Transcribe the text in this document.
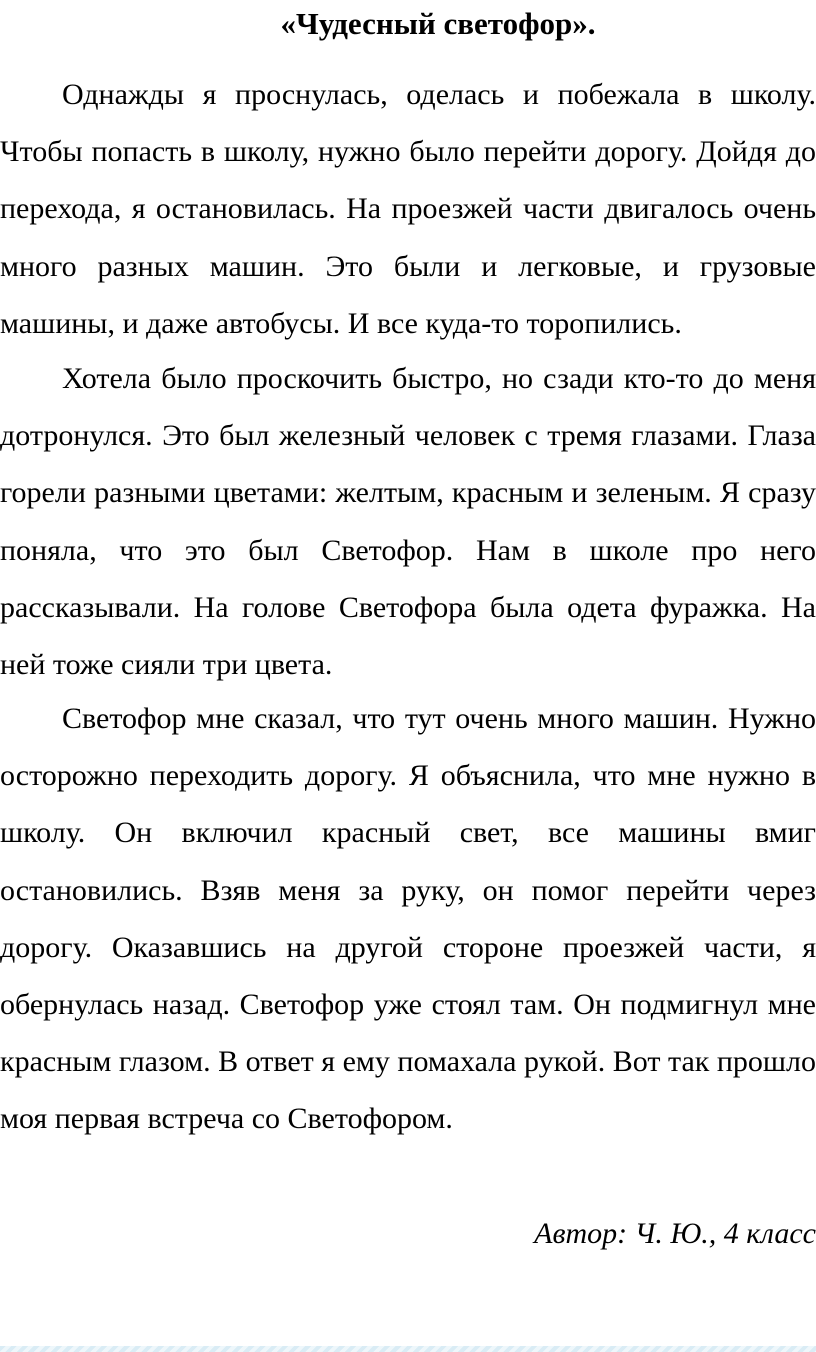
«Чудесный светофор».

Однажды я проснулась, оделась и побежала в школу. Чтобы попасть в школу, нужно было перейти дорогу. Дойдя до перехода, я остановилась. На проезжей части двигалось очень много разных машин. Это были и легковые, и грузовые машины, и даже автобусы. И все куда-то торопились.

Хотела было проскочить быстро, но сзади кто-то до меня дотронулся. Это был железный человек с тремя глазами. Глаза горели разными цветами: желтым, красным и зеленым. Я сразу поняла, что это был Светофор. Нам в школе про него рассказывали. На голове Светофора была одета фуражка. На ней тоже сияли три цвета.

Светофор мне сказал, что тут очень много машин. Нужно осторожно переходить дорогу. Я объяснила, что мне нужно в школу. Он включил красный свет, все машины вмиг остановились. Взяв меня за руку, он помог перейти через дорогу. Оказавшись на другой стороне проезжей части, я обернулась назад. Светофор уже стоял там. Он подмигнул мне красным глазом. В ответ я ему помахала рукой. Вот так прошло моя первая встреча со Светофором.

Автор: Ч. Ю., 4 класс
